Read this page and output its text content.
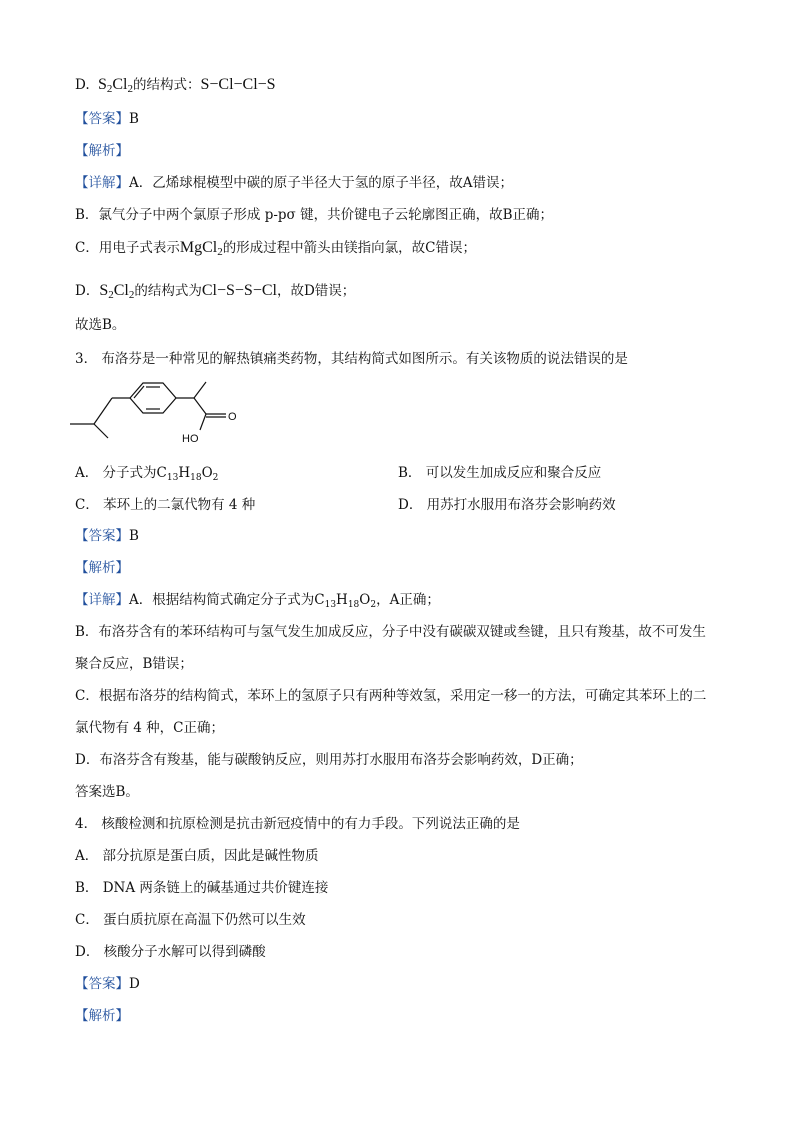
D.  $S_2Cl_2$的结构式：S−Cl−Cl−S
【答案】B
【解析】
【详解】A．乙烯球棍模型中碳的原子半径大于氢的原子半径，故A错误；
B．氯气分子中两个氯原子形成 p-pσ 键，共价键电子云轮廓图正确，故B正确；
C．用电子式表示MgCl$_2$的形成过程中箭头由镁指向氯，故C错误；
D．$S_2Cl_2$的结构式为Cl−S−S−Cl，故D错误；
故选B。
3． 布洛芬是一种常见的解热镇痛类药物，其结构简式如图所示。有关该物质的说法错误的是
HO
O
A． 分子式为$C_{13}H_{18}O_2$	B． 可以发生加成反应和聚合反应
C． 苯环上的二氯代物有 4 种	D． 用苏打水服用布洛芬会影响药效
【答案】B
【解析】
【详解】A．根据结构简式确定分子式为$C_{13}H_{18}O_2$，A正确；
B．布洛芬含有的苯环结构可与氢气发生加成反应，分子中没有碳碳双键或叁键，且只有羧基，故不可发生
聚合反应，B错误；
C．根据布洛芬的结构简式，苯环上的氢原子只有两种等效氢，采用定一移一的方法，可确定其苯环上的二
氯代物有 4 种，C正确；
D．布洛芬含有羧基，能与碳酸钠反应，则用苏打水服用布洛芬会影响药效，D正确；
答案选B。
4． 核酸检测和抗原检测是抗击新冠疫情中的有力手段。下列说法正确的是
A． 部分抗原是蛋白质，因此是碱性物质
B． DNA 两条链上的碱基通过共价键连接
C． 蛋白质抗原在高温下仍然可以生效
D． 核酸分子水解可以得到磷酸
【答案】D
【解析】
